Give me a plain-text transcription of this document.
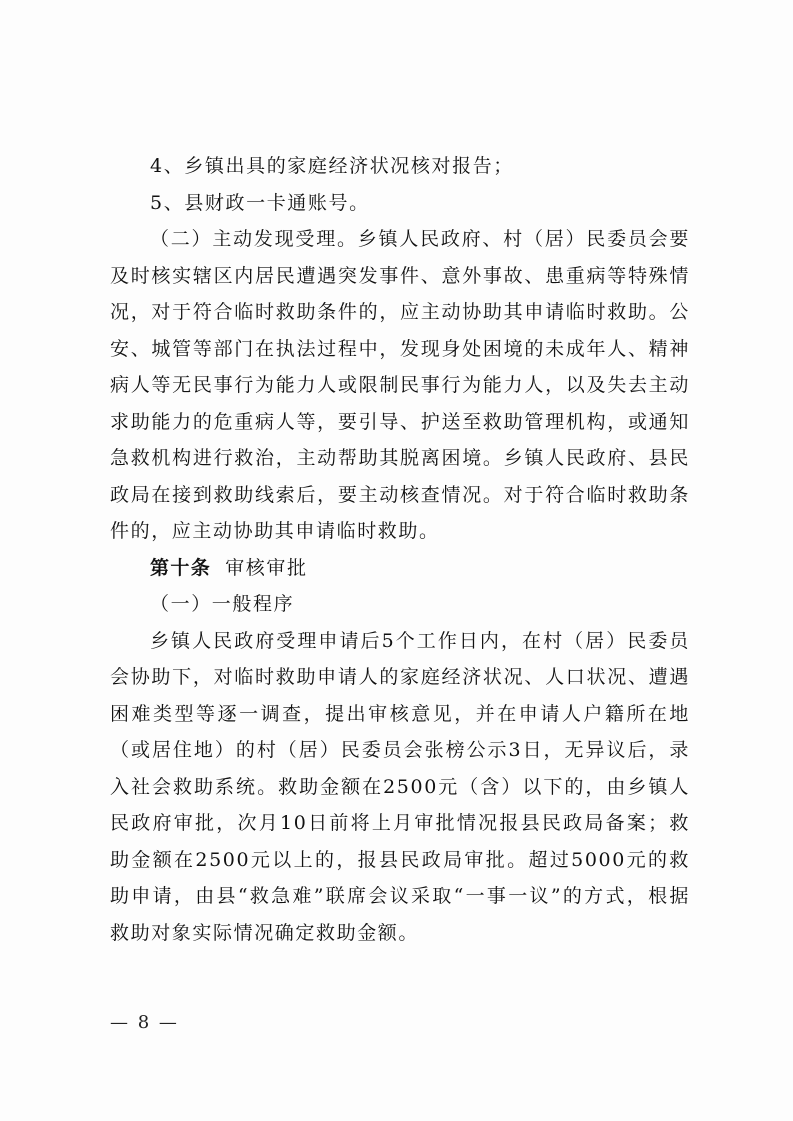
4、乡镇出具的家庭经济状况核对报告；

5、县财政一卡通账号。

（二）主动发现受理。乡镇人民政府、村（居）民委员会要及时核实辖区内居民遭遇突发事件、意外事故、患重病等特殊情况，对于符合临时救助条件的，应主动协助其申请临时救助。公安、城管等部门在执法过程中，发现身处困境的未成年人、精神病人等无民事行为能力人或限制民事行为能力人，以及失去主动求助能力的危重病人等，要引导、护送至救助管理机构，或通知急救机构进行救治，主动帮助其脱离困境。乡镇人民政府、县民政局在接到救助线索后，要主动核查情况。对于符合临时救助条件的，应主动协助其申请临时救助。

第十条 审核审批

（一）一般程序

乡镇人民政府受理申请后5个工作日内，在村（居）民委员会协助下，对临时救助申请人的家庭经济状况、人口状况、遭遇困难类型等逐一调查，提出审核意见，并在申请人户籍所在地（或居住地）的村（居）民委员会张榜公示3日，无异议后，录入社会救助系统。救助金额在2500元（含）以下的，由乡镇人民政府审批，次月10日前将上月审批情况报县民政局备案；救助金额在2500元以上的，报县民政局审批。超过5000元的救助申请，由县“救急难”联席会议采取“一事一议”的方式，根据救助对象实际情况确定救助金额。

— 8 —
